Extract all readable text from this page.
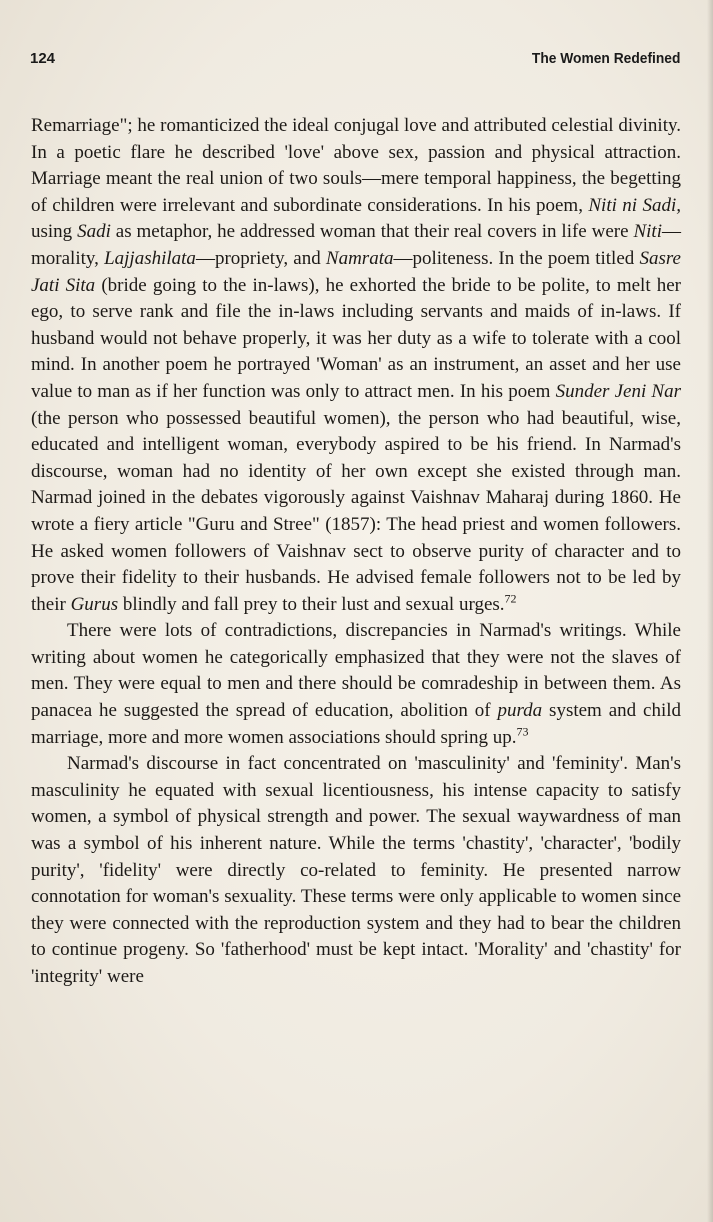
124	The Women Redefined

Remarriage"; he romanticized the ideal conjugal love and attributed celestial divinity. In a poetic flare he described 'love' above sex, passion and physical attraction. Marriage meant the real union of two souls—mere temporal happiness, the begetting of children were irrelevant and subordinate considerations. In his poem, Niti ni Sadi, using Sadi as metaphor, he addressed woman that their real covers in life were Niti—morality, Lajjashilata—propriety, and Namrata—politeness. In the poem titled Sasre Jati Sita (bride going to the in-laws), he exhorted the bride to be polite, to melt her ego, to serve rank and file the in-laws including servants and maids of in-laws. If husband would not behave properly, it was her duty as a wife to tolerate with a cool mind. In another poem he portrayed 'Woman' as an instrument, an asset and her use value to man as if her function was only to attract men. In his poem Sunder Jeni Nar (the person who possessed beautiful women), the person who had beautiful, wise, educated and intelligent woman, everybody aspired to be his friend. In Narmad's discourse, woman had no identity of her own except she existed through man. Narmad joined in the debates vigorously against Vaishnav Maharaj during 1860. He wrote a fiery article "Guru and Stree" (1857): The head priest and women followers. He asked women followers of Vaishnav sect to observe purity of character and to prove their fidelity to their husbands. He advised female followers not to be led by their Gurus blindly and fall prey to their lust and sexual urges.$^{72}$

There were lots of contradictions, discrepancies in Narmad's writings. While writing about women he categorically emphasized that they were not the slaves of men. They were equal to men and there should be comradeship in between them. As panacea he suggested the spread of education, abolition of purda system and child marriage, more and more women associations should spring up.$^{73}$

Narmad's discourse in fact concentrated on 'masculinity' and 'feminity'. Man's masculinity he equated with sexual licentiousness, his intense capacity to satisfy women, a symbol of physical strength and power. The sexual waywardness of man was a symbol of his inherent nature. While the terms 'chastity', 'character', 'bodily purity', 'fidelity' were directly co-related to feminity. He presented narrow connotation for woman's sexuality. These terms were only applicable to women since they were connected with the reproduction system and they had to bear the children to continue progeny. So 'fatherhood' must be kept intact. 'Morality' and 'chastity' for 'integrity' were
